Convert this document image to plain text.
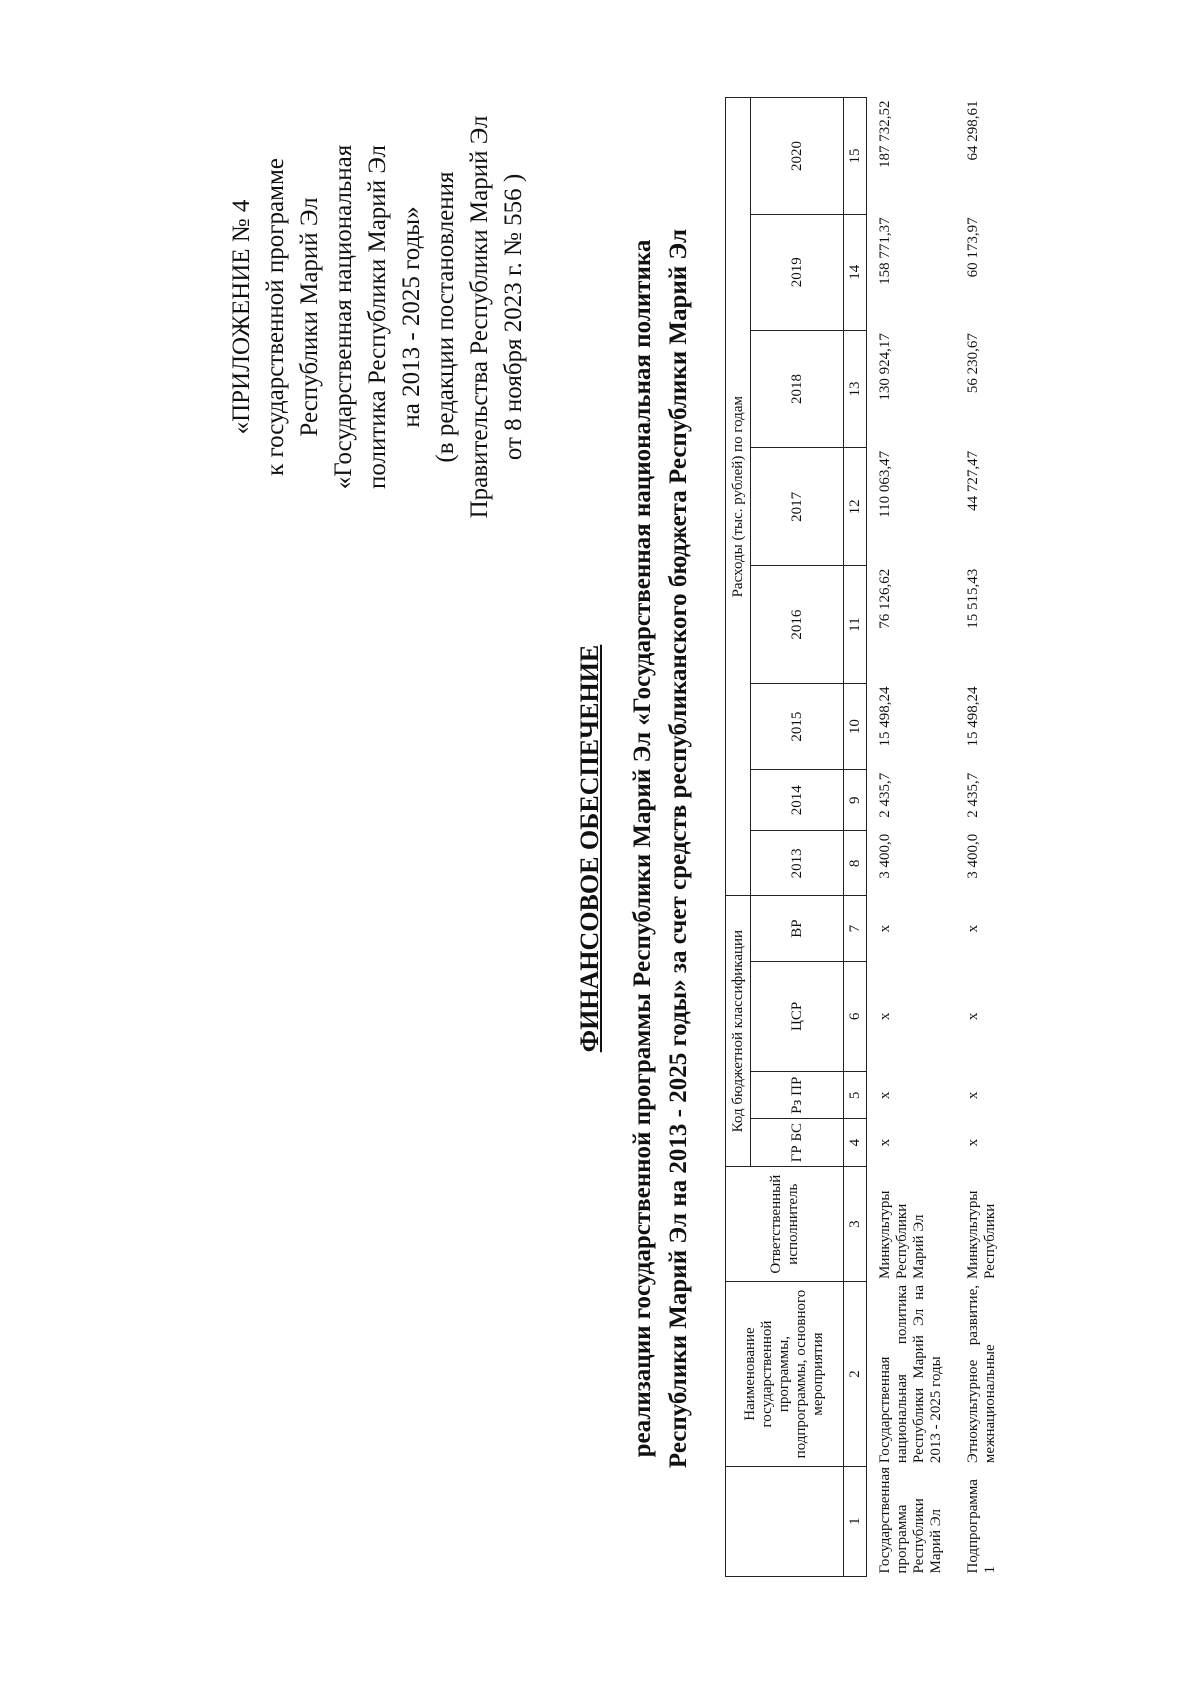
«ПРИЛОЖЕНИЕ № 4 к государственной программе Республики Марий Эл «Государственная национальная политика Республики Марий Эл на 2013 - 2025 годы» (в редакции постановления Правительства Республики Марий Эл от 8 ноября 2023 г. № 556 )
ФИНАНСОВОЕ ОБЕСПЕЧЕНИЕ реализации государственной программы Республики Марий Эл «Государственная национальная политика Республики Марий Эл на 2013 - 2025 годы» за счет средств республиканского бюджета Республики Марий Эл
		Наименование государственной программы, подпрограммы, основного мероприятия	Ответственный исполнитель	Код бюджетной классификации				Расходы (тыс. рублей) по годам							
			ГР БС	Рз ПР	ЦСР	ВР	2013	2014	2015	2016	2017	2018	2019	2020
1	2	3	4	5	6	7	8	9	10	11	12	13	14	15
Государственная программа Республики Марий Эл	Государственная национальная политика Республики Марий Эл на 2013 - 2025 годы	Минкультуры Республики Марий Эл	х	х	х	х	3 400,0	2 435,7	15 498,24	76 126,62	110 063,47	130 924,17	158 771,37	187 732,52
Подпрограмма 1	Этнокультурное развитие, межнациональные	Минкультуры Республики	х	х	х	х	3 400,0	2 435,7	15 498,24	15 515,43	44 727,47	56 230,67	60 173,97	64 298,61
